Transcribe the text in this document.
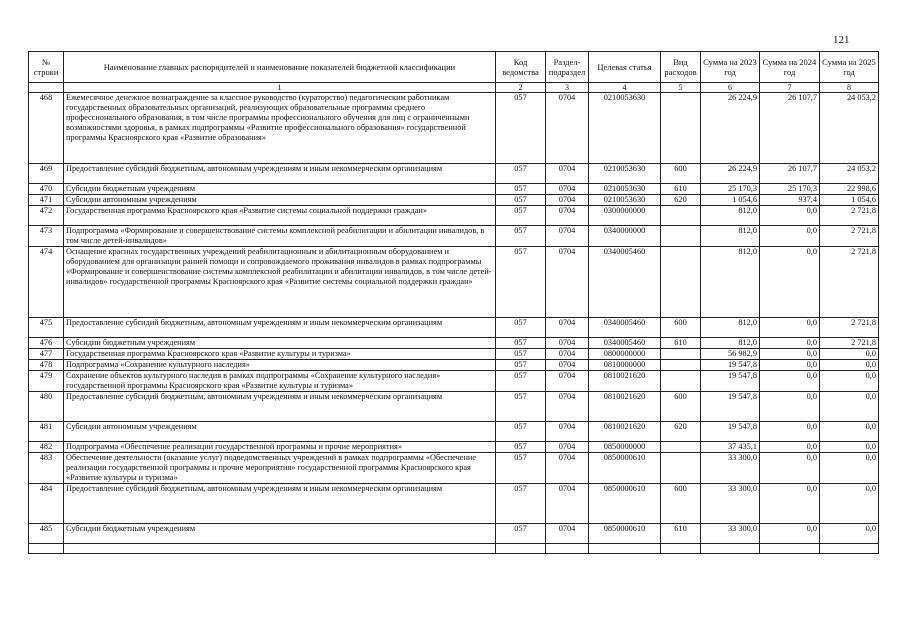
121
№ строки	Наименование главных распорядителей и наименование показателей бюджетной классификации	Код ведомства	Раздел-подраздел	Целевая статья	Вид расходов	Сумма на 2023 год	Сумма на 2024 год	Сумма на 2025 год
	1	2	3	4	5	6	7	8
468	Ежемесячное денежное вознаграждение за классное руководство (кураторство) педагогическим работникам государственных образовательных организаций, реализующих образовательные программы среднего профессионального образования, в том числе программы профессионального обучения для лиц с ограниченными возможностями здоровья, в рамках подпрограммы «Развитие профессионального образования» государственной программы Красноярского края «Развитие образования»	057	0704	0210053630		26 224,9	26 107,7	24 053,2
469	Предоставление субсидий бюджетным, автономным учреждениям и иным некоммерческим организациям	057	0704	0210053630	600	26 224,9	26 107,7	24 053,2
470	Субсидии бюджетным учреждениям	057	0704	0210053630	610	25 170,3	25 170,3	22 998,6
471	Субсидии автономным учреждениям	057	0704	0210053630	620	1 054,6	937,4	1 054,6
472	Государственная программа Красноярского края «Развитие системы социальной поддержки граждан»	057	0704	0300000000		812,0	0,0	2 721,8
473	Подпрограмма «Формирование и совершенствование системы комплексной реабилитации и абилитации инвалидов, в том числе детей-инвалидов»	057	0704	0340000000		812,0	0,0	2 721,8
474	Оснащение красных государственных учреждений реабилитационным и абилитационным оборудованием и оборудованием для организации ранней помощи и сопровождаемого проживания инвалидов в рамках подпрограммы «Формирование и совершенствование системы комплексной реабилитации и абилитации инвалидов, в том числе детей-инвалидов» государственной программы Красноярского края «Развитие системы социальной поддержки граждан»	057	0704	0340005460		812,0	0,0	2 721,8
475	Предоставление субсидий бюджетным, автономным учреждениям и иным некоммерческим организациям	057	0704	0340005460	600	812,0	0,0	2 721,8
476	Субсидии бюджетным учреждениям	057	0704	0340005460	610	812,0	0,0	2 721,8
477	Государственная программа Красноярского края «Развитие культуры и туризма»	057	0704	0800000000		56 982,9	0,0	0,0
478	Подпрограмма «Сохранение культурного наследия»	057	0704	0810000000		19 547,8	0,0	0,0
479	Сохранение объектов культурного наследия в рамках подпрограммы «Сохранение культурного наследия» государственной программы Красноярского края «Развитие культуры и туризма»	057	0704	0810021620		19 547,8	0,0	0,0
480	Предоставление субсидий бюджетным, автономным учреждениям и иным некоммерческим организациям	057	0704	0810021620	600	19 547,8	0,0	0,0
481	Субсидии автономным учреждениям	057	0704	0810021620	620	19 547,8	0,0	0,0
482	Подпрограмма «Обеспечение реализации государственной программы и прочие мероприятия»	057	0704	0850000000		37 435,1	0,0	0,0
483	Обеспечение деятельности (оказание услуг) подведомственных учреждений в рамках подпрограммы «Обеспечение реализации государственной программы и прочие мероприятия» государственной программы Красноярского края «Развитие культуры и туризма»	057	0704	0850000610		33 300,0	0,0	0,0
484	Предоставление субсидий бюджетным, автономным учреждениям и иным некоммерческим организациям	057	0704	0850000610	600	33 300,0	0,0	0,0
485	Субсидии бюджетным учреждениям	057	0704	0850000610	610	33 300,0	0,0	0,0
